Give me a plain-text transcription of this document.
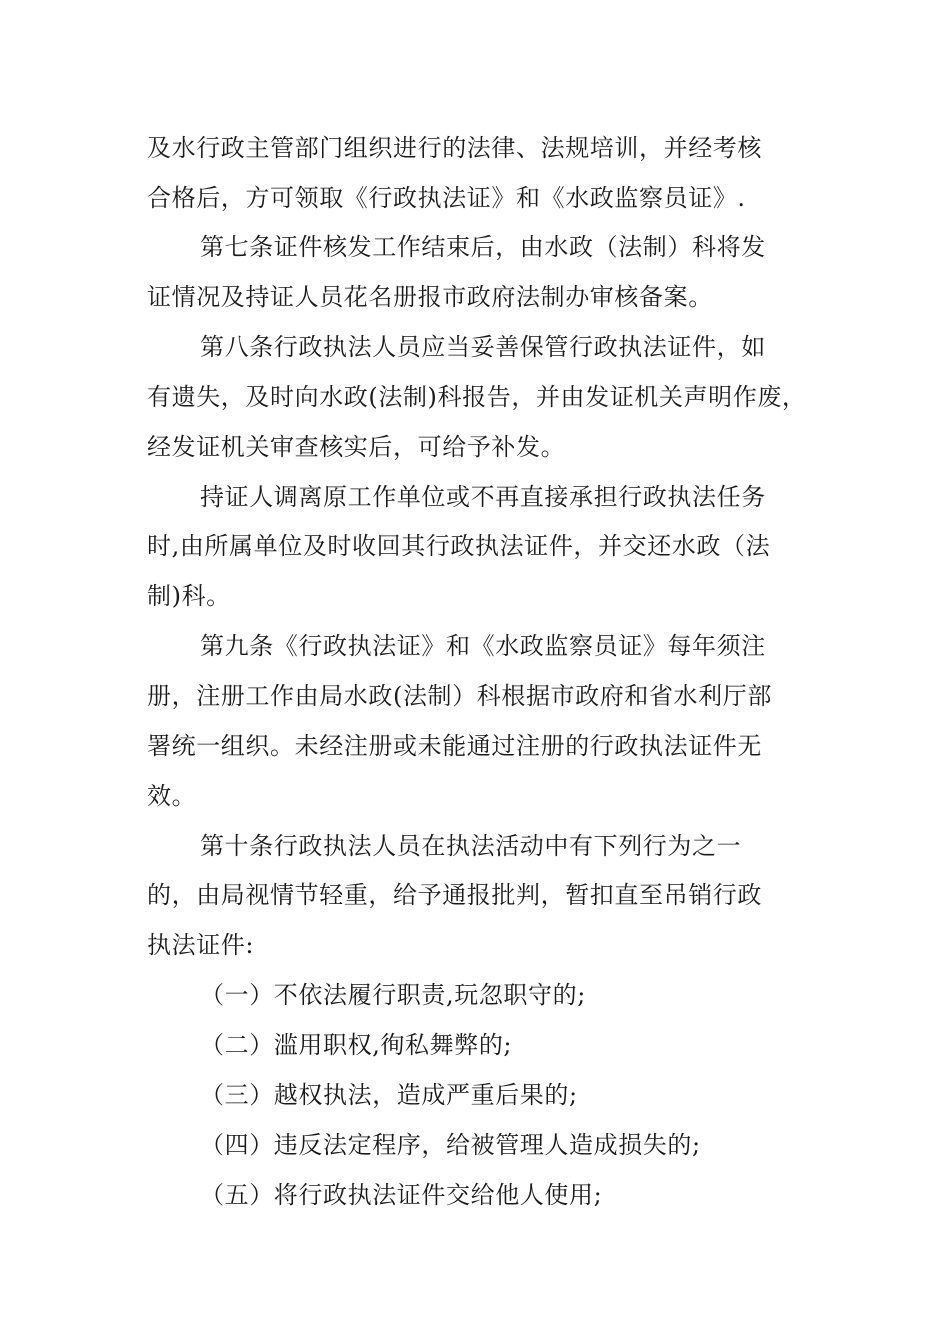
及水行政主管部门组织进行的法律、法规培训，并经考核
合格后，方可领取《行政执法证》和《水政监察员证》.
第七条证件核发工作结束后，由水政（法制）科将发
证情况及持证人员花名册报市政府法制办审核备案。
第八条行政执法人员应当妥善保管行政执法证件，如
有遗失，及时向水政(法制)科报告，并由发证机关声明作废，
经发证机关审查核实后，可给予补发。
持证人调离原工作单位或不再直接承担行政执法任务
时,由所属单位及时收回其行政执法证件，并交还水政（法
制)科。
第九条《行政执法证》和《水政监察员证》每年须注
册，注册工作由局水政(法制）科根据市政府和省水利厅部
署统一组织。未经注册或未能通过注册的行政执法证件无
效。
第十条行政执法人员在执法活动中有下列行为之一
的，由局视情节轻重，给予通报批判，暂扣直至吊销行政
执法证件:
（一）不依法履行职责,玩忽职守的;
（二）滥用职权,徇私舞弊的;
（三）越权执法，造成严重后果的;
（四）违反法定程序，给被管理人造成损失的;
（五）将行政执法证件交给他人使用;
